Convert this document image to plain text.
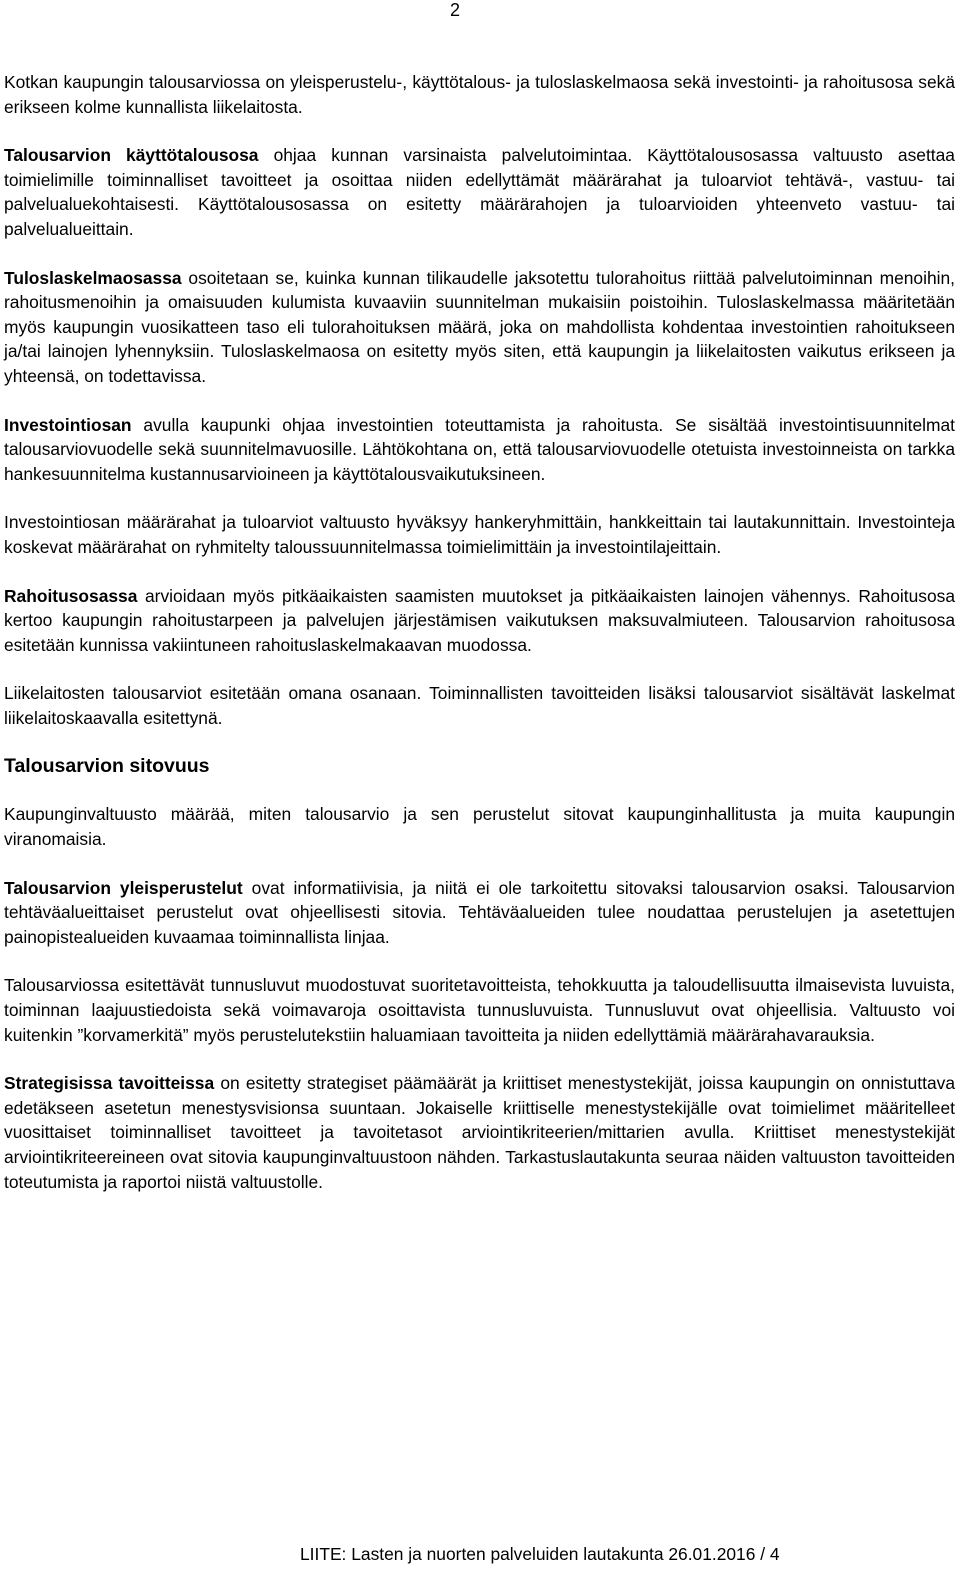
2

Kotkan kaupungin talousarviossa on yleisperustelu-, käyttötalous- ja tuloslaskelmaosa sekä investointi- ja rahoitusosa sekä erikseen kolme kunnallista liikelaitosta.

Talousarvion käyttötalousosa ohjaa kunnan varsinaista palvelutoimintaa. Käyttötalousosassa valtuusto asettaa toimielimille toiminnalliset tavoitteet ja osoittaa niiden edellyttämät määrärahat ja tuloarviot tehtävä-, vastuu- tai palvelualuekohtaisesti. Käyttötalousosassa on esitetty määrärahojen ja tuloarvioiden yhteenveto vastuu- tai palvelualueittain.

Tuloslaskelmaosassa osoitetaan se, kuinka kunnan tilikaudelle jaksotettu tulorahoitus riittää palvelutoiminnan menoihin, rahoitusmenoihin ja omaisuuden kulumista kuvaaviin suunnitelman mukaisiin poistoihin. Tuloslaskelmassa määritetään myös kaupungin vuosikatteen taso eli tulorahoituksen määrä, joka on mahdollista kohdentaa investointien rahoitukseen ja/tai lainojen lyhennyksiin. Tuloslaskelmaosa on esitetty myös siten, että kaupungin ja liikelaitosten vaikutus erikseen ja yhteensä, on todettavissa.

Investointiosan avulla kaupunki ohjaa investointien toteuttamista ja rahoitusta. Se sisältää investointisuunnitelmat talousarviovuodelle sekä suunnitelmavuosille. Lähtökohtana on, että talousarviovuodelle otetuista investoinneista on tarkka hankesuunnitelma kustannusarvioineen ja käyttötalousvaikutuksineen.

Investointiosan määrärahat ja tuloarviot valtuusto hyväksyy hankeryhmittäin, hankkeittain tai lautakunnittain. Investointeja koskevat määrärahat on ryhmitelty taloussuunnitelmassa toimielimittäin ja investointilajeittain.

Rahoitusosassa arvioidaan myös pitkäaikaisten saamisten muutokset ja pitkäaikaisten lainojen vähennys. Rahoitusosa kertoo kaupungin rahoitustarpeen ja palvelujen järjestämisen vaikutuksen maksuvalmiuteen. Talousarvion rahoitusosa esitetään kunnissa vakiintuneen rahoituslaskelmakaavan muodossa.

Liikelaitosten talousarviot esitetään omana osanaan. Toiminnallisten tavoitteiden lisäksi talousarviot sisältävät laskelmat liikelaitoskaavalla esitettynä.

Talousarvion sitovuus

Kaupunginvaltuusto määrää, miten talousarvio ja sen perustelut sitovat kaupunginhallitusta ja muita kaupungin viranomaisia.

Talousarvion yleisperustelut ovat informatiivisia, ja niitä ei ole tarkoitettu sitovaksi talousarvion osaksi. Talousarvion tehtäväalueittaiset perustelut ovat ohjeellisesti sitovia. Tehtäväalueiden tulee noudattaa perustelujen ja asetettujen painopistealueiden kuvaamaa toiminnallista linjaa.

Talousarviossa esitettävät tunnusluvut muodostuvat suoritetavoitteista, tehokkuutta ja taloudellisuutta ilmaisevista luvuista, toiminnan laajuustiedoista sekä voimavaroja osoittavista tunnusluvuista. Tunnusluvut ovat ohjeellisia. Valtuusto voi kuitenkin ”korvamerkitä” myös perustelutekstiin haluamiaan tavoitteita ja niiden edellyttämiä määrärahavarauksia.

Strategisissa tavoitteissa on esitetty strategiset päämäärät ja kriittiset menestystekijät, joissa kaupungin on onnistuttava edetäkseen asetetun menestysvisionsa suuntaan. Jokaiselle kriittiselle menestystekijälle ovat toimielimet määritelleet vuosittaiset toiminnalliset tavoitteet ja tavoitetasot arviointikriteerien/mittarien avulla. Kriittiset menestystekijät arviointikriteereineen ovat sitovia kaupunginvaltuustoon nähden. Tarkastuslautakunta seuraa näiden valtuuston tavoitteiden toteutumista ja raportoi niistä valtuustolle.

LIITE: Lasten ja nuorten palveluiden lautakunta 26.01.2016 / 4
